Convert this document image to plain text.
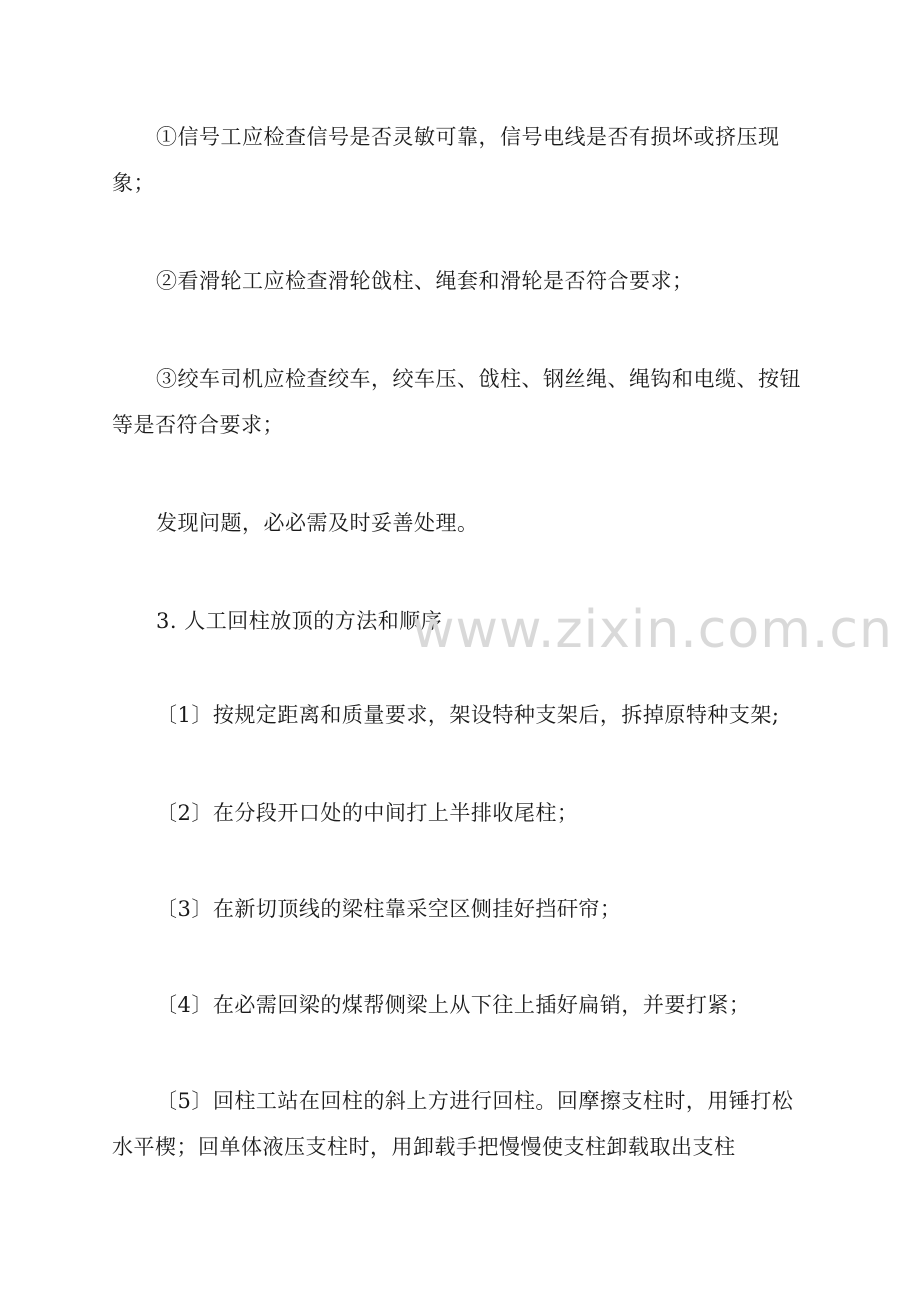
①信号工应检查信号是否灵敏可靠，信号电线是否有损坏或挤压现象；

②看滑轮工应检查滑轮戗柱、绳套和滑轮是否符合要求；

③绞车司机应检查绞车，绞车压、戗柱、钢丝绳、绳钩和电缆、按钮等是否符合要求；

发现问题，必必需及时妥善处理。

3. 人工回柱放顶的方法和顺序

www.zixin.com.cn

〔1〕按规定距离和质量要求，架设特种支架后，拆掉原特种支架;

〔2〕在分段开口处的中间打上半排收尾柱；

〔3〕在新切顶线的梁柱靠采空区侧挂好挡矸帘；

〔4〕在必需回梁的煤帮侧梁上从下往上插好扁销，并要打紧；

〔5〕回柱工站在回柱的斜上方进行回柱。回摩擦支柱时，用锤打松水平楔；回单体液压支柱时，用卸载手把慢慢使支柱卸载取出支柱
